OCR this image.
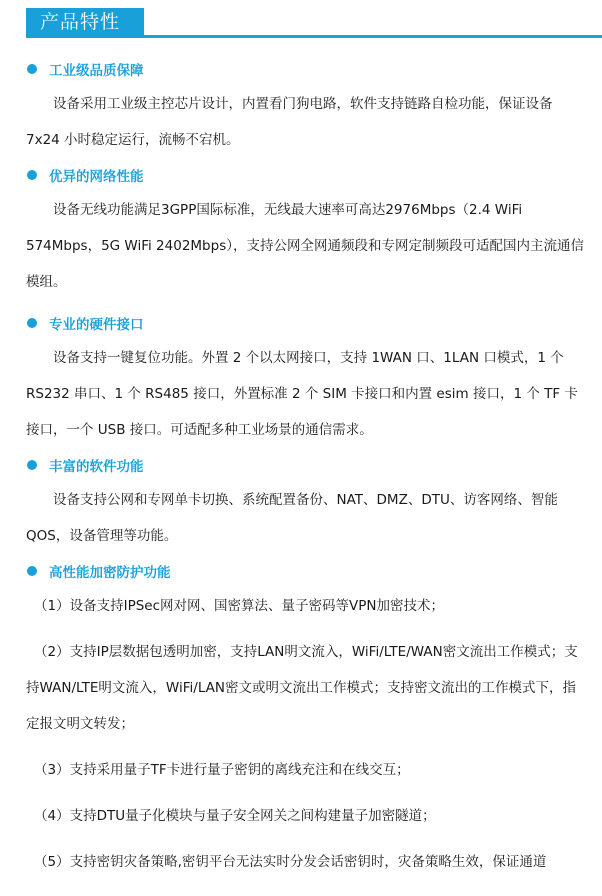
产品特性
工业级品质保障

设备采用工业级主控芯片设计，内置看门狗电路，软件支持链路自检功能，保证设备 7x24 小时稳定运行，流畅不宕机。

优异的网络性能

设备无线功能满足3GPP国际标准，无线最大速率可高达2976Mbps（2.4 WiFi 574Mbps，5G WiFi 2402Mbps），支持公网全网通频段和专网定制频段可适配国内主流通信模组。

专业的硬件接口

设备支持一键复位功能。外置 2 个以太网接口，支持 1WAN 口、1LAN 口模式，1 个 RS232 串口、1 个 RS485 接口，外置标准 2 个 SIM 卡接口和内置 esim 接口，1 个 TF 卡接口，一个 USB 接口。可适配多种工业场景的通信需求。

丰富的软件功能

设备支持公网和专网单卡切换、系统配置备份、NAT、DMZ、DTU、访客网络、智能 QOS，设备管理等功能。

高性能加密防护功能

（1）设备支持IPSec网对网、国密算法、量子密码等VPN加密技术；

（2）支持IP层数据包透明加密，支持LAN明文流入，WiFi/LTE/WAN密文流出工作模式；支持WAN/LTE明文流入，WiFi/LAN密文或明文流出工作模式；支持密文流出的工作模式下，指定报文明文转发；

（3）支持采用量子TF卡进行量子密钥的离线充注和在线交互；

（4）支持DTU量子化模块与量子安全网关之间构建量子加密隧道；

（5）支持密钥灾备策略,密钥平台无法实时分发会话密钥时，灾备策略生效，保证通道
